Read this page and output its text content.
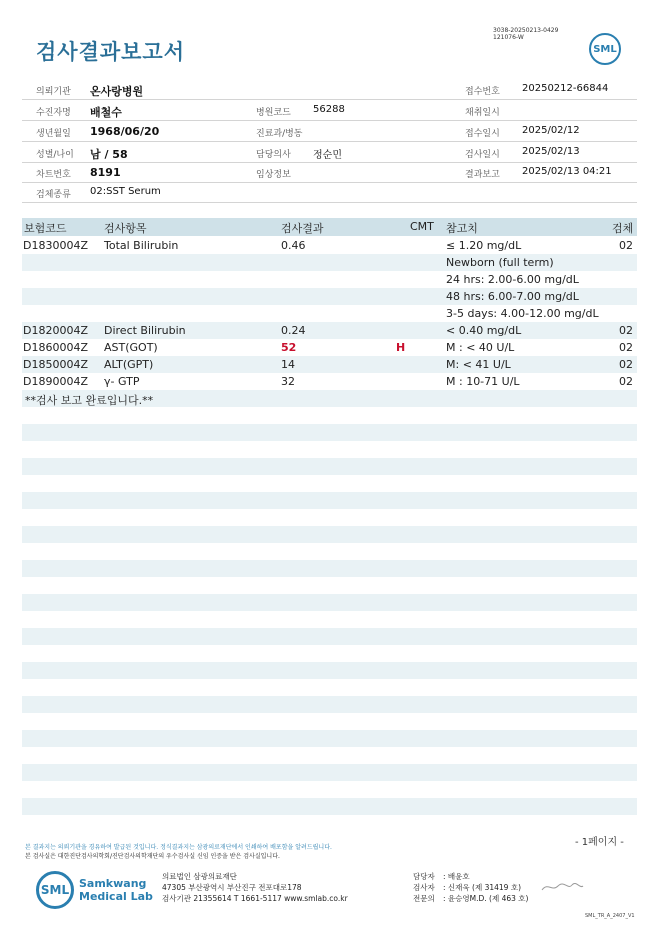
검사결과보고서
3038-20250213-0429
121076-W
SML
의뢰기관 온사랑병원	접수번호 20250212-66844
수진자명 배철수	병원코드 56288	채취일시
생년월일 1968/06/20	진료과/병동	접수일시 2025/02/12
성별/나이 남 / 58	담당의사 정순민	검사일시 2025/02/13
차트번호 8191	임상정보	결과보고 2025/02/13 04:21
검체종류 02:SST Serum
보험코드	검사항목	검사결과	CMT 참고치	검체
D1830004Z Total Bilirubin	0.46	≤ 1.20 mg/dL	02
Newborn (full term)
24 hrs: 2.00-6.00 mg/dL
48 hrs: 6.00-7.00 mg/dL
3-5 days: 4.00-12.00 mg/dL
D1820004Z Direct Bilirubin	0.24	< 0.40 mg/dL	02
D1860004Z AST(GOT)	52	H	M : < 40 U/L	02
D1850004Z ALT(GPT)	14	M: < 41 U/L	02
D1890004Z γ- GTP	32	M : 10-71 U/L	02
**검사 보고 완료입니다.**
본 결과지는 의뢰기관을 경유하여 발급된 것입니다. 정식결과지는 삼광의료재단에서 인쇄하여 배포함을 알려드립니다.
본 검사실은 대한진단검사의학회/진단검사의학재단의 우수검사실 신임 인증을 받은 검사실입니다.
- 1페이지 -
SML Samkwang
Medical Lab
의료법인 삼광의료재단
47305 부산광역시 부산진구 전포대로178
검사기관 21355614 T 1661-5117 www.smlab.co.kr
담당자 : 배윤호
검사자 : 신재욱 (제 31419 호)
전문의 : 윤승영M.D. (제 463 호)
SML_TR_A_2407_V1
